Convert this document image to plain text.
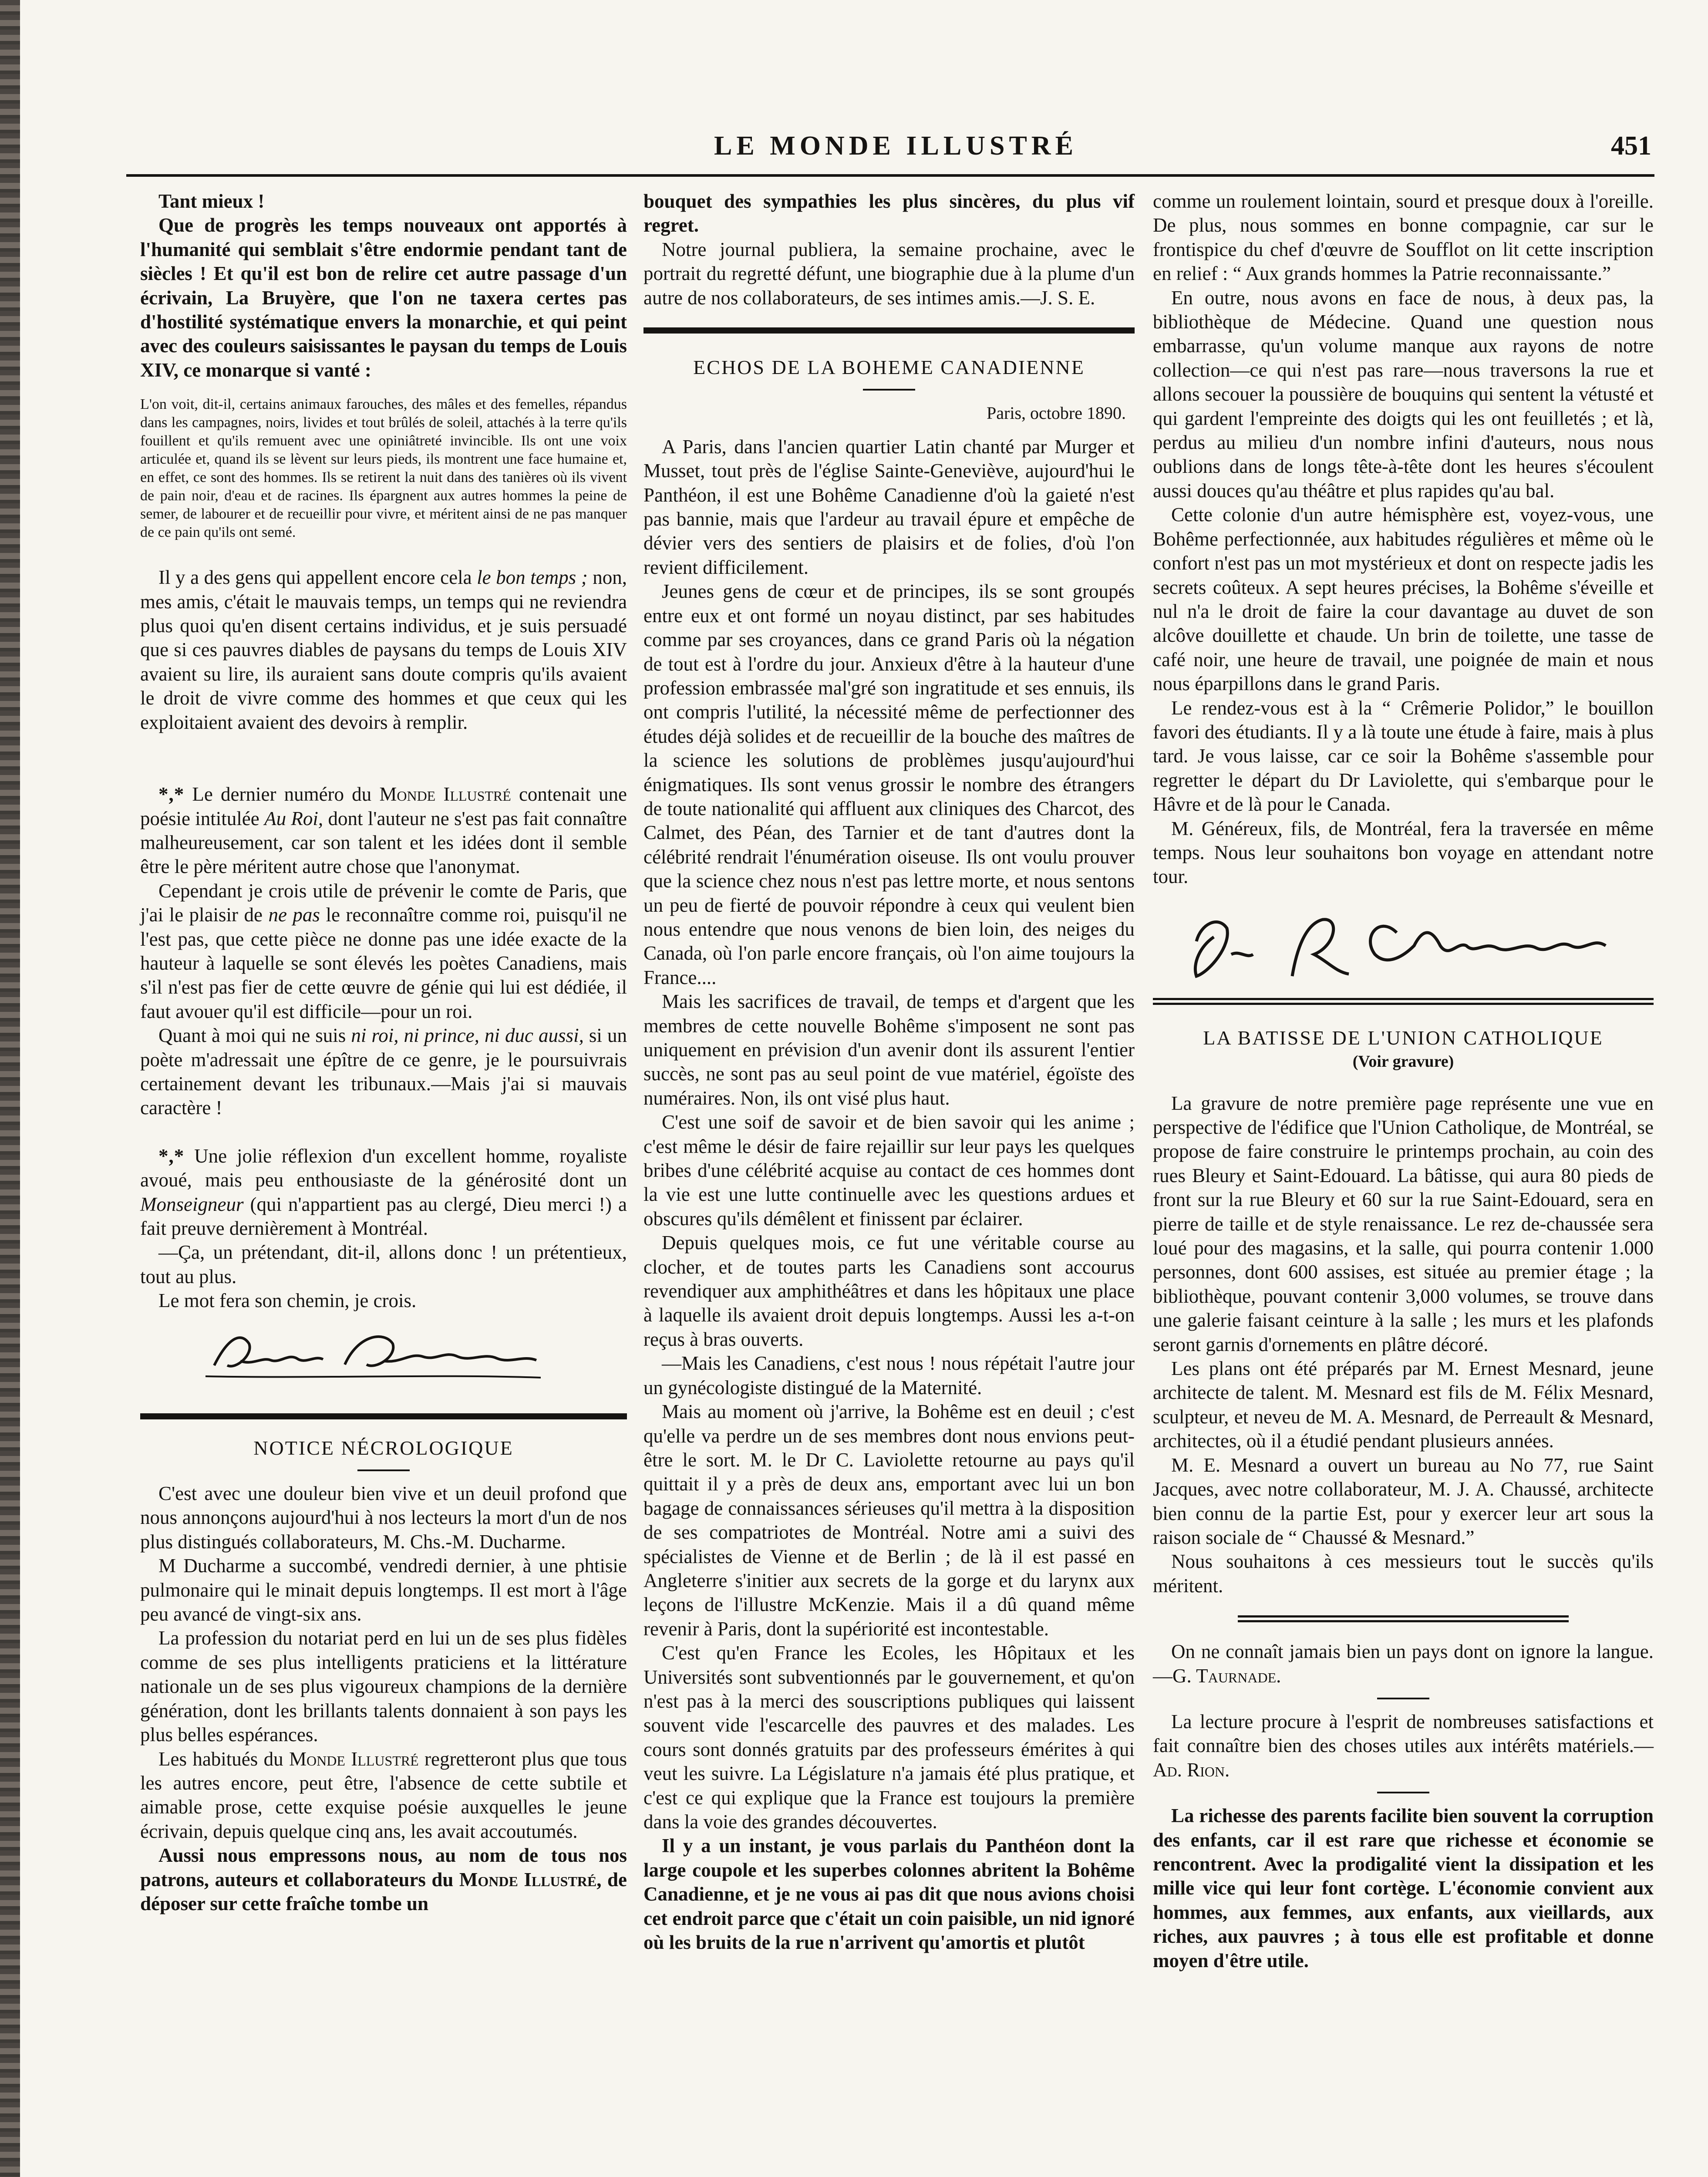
LE MONDE ILLUSTRÉ	451

Tant mieux !

Que de progrès les temps nouveaux ont apportés à l'humanité qui semblait s'être endormie pendant tant de siècles ! Et qu'il est bon de relire cet autre passage d'un écrivain, La Bruyère, que l'on ne taxera certes pas d'hostilité systématique envers la monarchie, et qui peint avec des couleurs saisissantes le paysan du temps de Louis XIV, ce monarque si vanté :

L'on voit, dit-il, certains animaux farouches, des mâles et des femelles, répandus dans les campagnes, noirs, livides et tout brûlés de soleil, attachés à la terre qu'ils fouillent et qu'ils remuent avec une opiniâtreté invincible. Ils ont une voix articulée et, quand ils se lèvent sur leurs pieds, ils montrent une face humaine et, en effet, ce sont des hommes. Ils se retirent la nuit dans des tanières où ils vivent de pain noir, d'eau et de racines. Ils épargnent aux autres hommes la peine de semer, de labourer et de recueillir pour vivre, et méritent ainsi de ne pas manquer de ce pain qu'ils ont semé.

Il y a des gens qui appellent encore cela le bon temps ; non, mes amis, c'était le mauvais temps, un temps qui ne reviendra plus quoi qu'en disent certains individus, et je suis persuadé que si ces pauvres diables de paysans du temps de Louis XIV avaient su lire, ils auraient sans doute compris qu'ils avaient le droit de vivre comme des hommes et que ceux qui les exploitaient avaient des devoirs à remplir.

*,* Le dernier numéro du Monde Illustré contenait une poésie intitulée Au Roi, dont l'auteur ne s'est pas fait connaître malheureusement, car son talent et les idées dont il semble être le père méritent autre chose que l'anonymat.

Cependant je crois utile de prévenir le comte de Paris, que j'ai le plaisir de ne pas le reconnaître comme roi, puisqu'il ne l'est pas, que cette pièce ne donne pas une idée exacte de la hauteur à laquelle se sont élevés les poètes Canadiens, mais s'il n'est pas fier de cette œuvre de génie qui lui est dédiée, il faut avouer qu'il est difficile—pour un roi.

Quant à moi qui ne suis ni roi, ni prince, ni duc aussi, si un poète m'adressait une épître de ce genre, je le poursuivrais certainement devant les tribunaux.—Mais j'ai si mauvais caractère !

*,* Une jolie réflexion d'un excellent homme, royaliste avoué, mais peu enthousiaste de la générosité dont un Monseigneur (qui n'appartient pas au clergé, Dieu merci !) a fait preuve dernièrement à Montréal.

—Ça, un prétendant, dit-il, allons donc ! un prétentieux, tout au plus.

Le mot fera son chemin, je crois.

NOTICE NÉCROLOGIQUE

C'est avec une douleur bien vive et un deuil profond que nous annonçons aujourd'hui à nos lecteurs la mort d'un de nos plus distingués collaborateurs, M. Chs.-M. Ducharme.

M Ducharme a succombé, vendredi dernier, à une phtisie pulmonaire qui le minait depuis longtemps. Il est mort à l'âge peu avancé de vingt-six ans.

La profession du notariat perd en lui un de ses plus fidèles comme de ses plus intelligents praticiens et la littérature nationale un de ses plus vigoureux champions de la dernière génération, dont les brillants talents donnaient à son pays les plus belles espérances.

Les habitués du Monde Illustré regretteront plus que tous les autres encore, peut être, l'absence de cette subtile et aimable prose, cette exquise poésie auxquelles le jeune écrivain, depuis quelque cinq ans, les avait accoutumés.

Aussi nous empressons nous, au nom de tous nos patrons, auteurs et collaborateurs du Monde Illustré, de déposer sur cette fraîche tombe un

bouquet des sympathies les plus sincères, du plus vif regret.

Notre journal publiera, la semaine prochaine, avec le portrait du regretté défunt, une biographie due à la plume d'un autre de nos collaborateurs, de ses intimes amis.—J. S. E.

ECHOS DE LA BOHEME CANADIENNE

Paris, octobre 1890.

A Paris, dans l'ancien quartier Latin chanté par Murger et Musset, tout près de l'église Sainte-Geneviève, aujourd'hui le Panthéon, il est une Bohême Canadienne d'où la gaieté n'est pas bannie, mais que l'ardeur au travail épure et empêche de dévier vers des sentiers de plaisirs et de folies, d'où l'on revient difficilement.

Jeunes gens de cœur et de principes, ils se sont groupés entre eux et ont formé un noyau distinct, par ses habitudes comme par ses croyances, dans ce grand Paris où la négation de tout est à l'ordre du jour. Anxieux d'être à la hauteur d'une profession embrassée mal'gré son ingratitude et ses ennuis, ils ont compris l'utilité, la nécessité même de perfectionner des études déjà solides et de recueillir de la bouche des maîtres de la science les solutions de problèmes jusqu'aujourd'hui énigmatiques. Ils sont venus grossir le nombre des étrangers de toute nationalité qui affluent aux cliniques des Charcot, des Calmet, des Péan, des Tarnier et de tant d'autres dont la célébrité rendrait l'énumération oiseuse. Ils ont voulu prouver que la science chez nous n'est pas lettre morte, et nous sentons un peu de fierté de pouvoir répondre à ceux qui veulent bien nous entendre que nous venons de bien loin, des neiges du Canada, où l'on parle encore français, où l'on aime toujours la France....

Mais les sacrifices de travail, de temps et d'argent que les membres de cette nouvelle Bohême s'imposent ne sont pas uniquement en prévision d'un avenir dont ils assurent l'entier succès, ne sont pas au seul point de vue matériel, égoïste des numéraires. Non, ils ont visé plus haut.

C'est une soif de savoir et de bien savoir qui les anime ; c'est même le désir de faire rejaillir sur leur pays les quelques bribes d'une célébrité acquise au contact de ces hommes dont la vie est une lutte continuelle avec les questions ardues et obscures qu'ils démêlent et finissent par éclairer.

Depuis quelques mois, ce fut une véritable course au clocher, et de toutes parts les Canadiens sont accourus revendiquer aux amphithéâtres et dans les hôpitaux une place à laquelle ils avaient droit depuis longtemps. Aussi les a-t-on reçus à bras ouverts.

—Mais les Canadiens, c'est nous ! nous répétait l'autre jour un gynécologiste distingué de la Maternité.

Mais au moment où j'arrive, la Bohême est en deuil ; c'est qu'elle va perdre un de ses membres dont nous envions peut-être le sort. M. le Dr C. Laviolette retourne au pays qu'il quittait il y a près de deux ans, emportant avec lui un bon bagage de connaissances sérieuses qu'il mettra à la disposition de ses compatriotes de Montréal. Notre ami a suivi des spécialistes de Vienne et de Berlin ; de là il est passé en Angleterre s'initier aux secrets de la gorge et du larynx aux leçons de l'illustre McKenzie. Mais il a dû quand même revenir à Paris, dont la supériorité est incontestable.

C'est qu'en France les Ecoles, les Hôpitaux et les Universités sont subventionnés par le gouvernement, et qu'on n'est pas à la merci des souscriptions publiques qui laissent souvent vide l'escarcelle des pauvres et des malades. Les cours sont donnés gratuits par des professeurs émérites à qui veut les suivre. La Législature n'a jamais été plus pratique, et c'est ce qui explique que la France est toujours la première dans la voie des grandes découvertes.

Il y a un instant, je vous parlais du Panthéon dont la large coupole et les superbes colonnes abritent la Bohême Canadienne, et je ne vous ai pas dit que nous avions choisi cet endroit parce que c'était un coin paisible, un nid ignoré où les bruits de la rue n'arrivent qu'amortis et plutôt

comme un roulement lointain, sourd et presque doux à l'oreille. De plus, nous sommes en bonne compagnie, car sur le frontispice du chef d'œuvre de Soufflot on lit cette inscription en relief : “ Aux grands hommes la Patrie reconnaissante.”

En outre, nous avons en face de nous, à deux pas, la bibliothèque de Médecine. Quand une question nous embarrasse, qu'un volume manque aux rayons de notre collection—ce qui n'est pas rare—nous traversons la rue et allons secouer la poussière de bouquins qui sentent la vétusté et qui gardent l'empreinte des doigts qui les ont feuilletés ; et là, perdus au milieu d'un nombre infini d'auteurs, nous nous oublions dans de longs tête-à-tête dont les heures s'écoulent aussi douces qu'au théâtre et plus rapides qu'au bal.

Cette colonie d'un autre hémisphère est, voyez-vous, une Bohême perfectionnée, aux habitudes régulières et même où le confort n'est pas un mot mystérieux et dont on respecte jadis les secrets coûteux. A sept heures précises, la Bohême s'éveille et nul n'a le droit de faire la cour davantage au duvet de son alcôve douillette et chaude. Un brin de toilette, une tasse de café noir, une heure de travail, une poignée de main et nous nous éparpillons dans le grand Paris.

Le rendez-vous est à la “ Crêmerie Polidor,” le bouillon favori des étudiants. Il y a là toute une étude à faire, mais à plus tard. Je vous laisse, car ce soir la Bohême s'assemble pour regretter le départ du Dr Laviolette, qui s'embarque pour le Hâvre et de là pour le Canada.

M. Généreux, fils, de Montréal, fera la traversée en même temps. Nous leur souhaitons bon voyage en attendant notre tour.

LA BATISSE DE L'UNION CATHOLIQUE

(Voir gravure)

La gravure de notre première page représente une vue en perspective de l'édifice que l'Union Catholique, de Montréal, se propose de faire construire le printemps prochain, au coin des rues Bleury et Saint-Edouard. La bâtisse, qui aura 80 pieds de front sur la rue Bleury et 60 sur la rue Saint-Edouard, sera en pierre de taille et de style renaissance. Le rez de-chaussée sera loué pour des magasins, et la salle, qui pourra contenir 1.000 personnes, dont 600 assises, est située au premier étage ; la bibliothèque, pouvant contenir 3,000 volumes, se trouve dans une galerie faisant ceinture à la salle ; les murs et les plafonds seront garnis d'ornements en plâtre décoré.

Les plans ont été préparés par M. Ernest Mesnard, jeune architecte de talent. M. Mesnard est fils de M. Félix Mesnard, sculpteur, et neveu de M. A. Mesnard, de Perreault & Mesnard, architectes, où il a étudié pendant plusieurs années.

M. E. Mesnard a ouvert un bureau au No 77, rue Saint Jacques, avec notre collaborateur, M. J. A. Chaussé, architecte bien connu de la partie Est, pour y exercer leur art sous la raison sociale de “ Chaussé & Mesnard.”

Nous souhaitons à ces messieurs tout le succès qu'ils méritent.

On ne connaît jamais bien un pays dont on ignore la langue.—G. Taurnade.

La lecture procure à l'esprit de nombreuses satisfactions et fait connaître bien des choses utiles aux intérêts matériels.—Ad. Rion.

La richesse des parents facilite bien souvent la corruption des enfants, car il est rare que richesse et économie se rencontrent. Avec la prodigalité vient la dissipation et les mille vice qui leur font cortège. L'économie convient aux hommes, aux femmes, aux enfants, aux vieillards, aux riches, aux pauvres ; à tous elle est profitable et donne moyen d'être utile.
